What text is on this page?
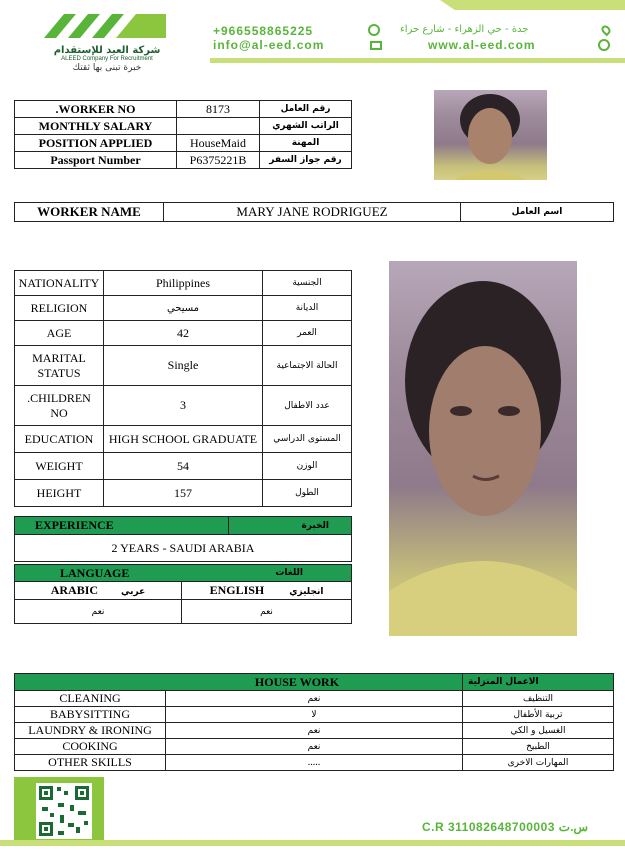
شركة العيد للإستقدام
ALEED Company For Recruitment
خبرة تبنى بها ثقتك
+966558865225	جدة - حي الزهراء - شارع حراء
info@al-eed.com	www.al-eed.com
.WORKER NO	8173	رقم العامل
MONTHLY SALARY		الراتب الشهري
POSITION APPLIED	HouseMaid	المهنة
Passport Number	P6375221B	رقم جواز السفر
WORKER NAME	MARY JANE RODRIGUEZ	اسم العامل
NATIONALITY	Philippines	الجنسية
RELIGION	مسيحي	الديانة
AGE	42	العمر
MARITAL STATUS	Single	الحالة الاجتماعية
.CHILDREN NO	3	عدد الاطفال
EDUCATION	HIGH SCHOOL GRADUATE	المستوى الدراسي
WEIGHT	54	الوزن
HEIGHT	157	الطول
EXPERIENCE	الخبرة
2 YEARS - SAUDI ARABIA
LANGUAGE اللغات	

ARABIC عربي	ENGLISH انجليزي
نعم	نعم
HOUSE WORK		الاعمال المنزلية
CLEANING	نعم	التنظيف
BABYSITTING	لا	تربية الأطفال
LAUNDRY & IRONING	نعم	الغسيل و الكي
COOKING	نعم	الطبيخ
OTHER SKILLS	.....	المهارات الاخرى
C.R 311082648700003 س.ت
